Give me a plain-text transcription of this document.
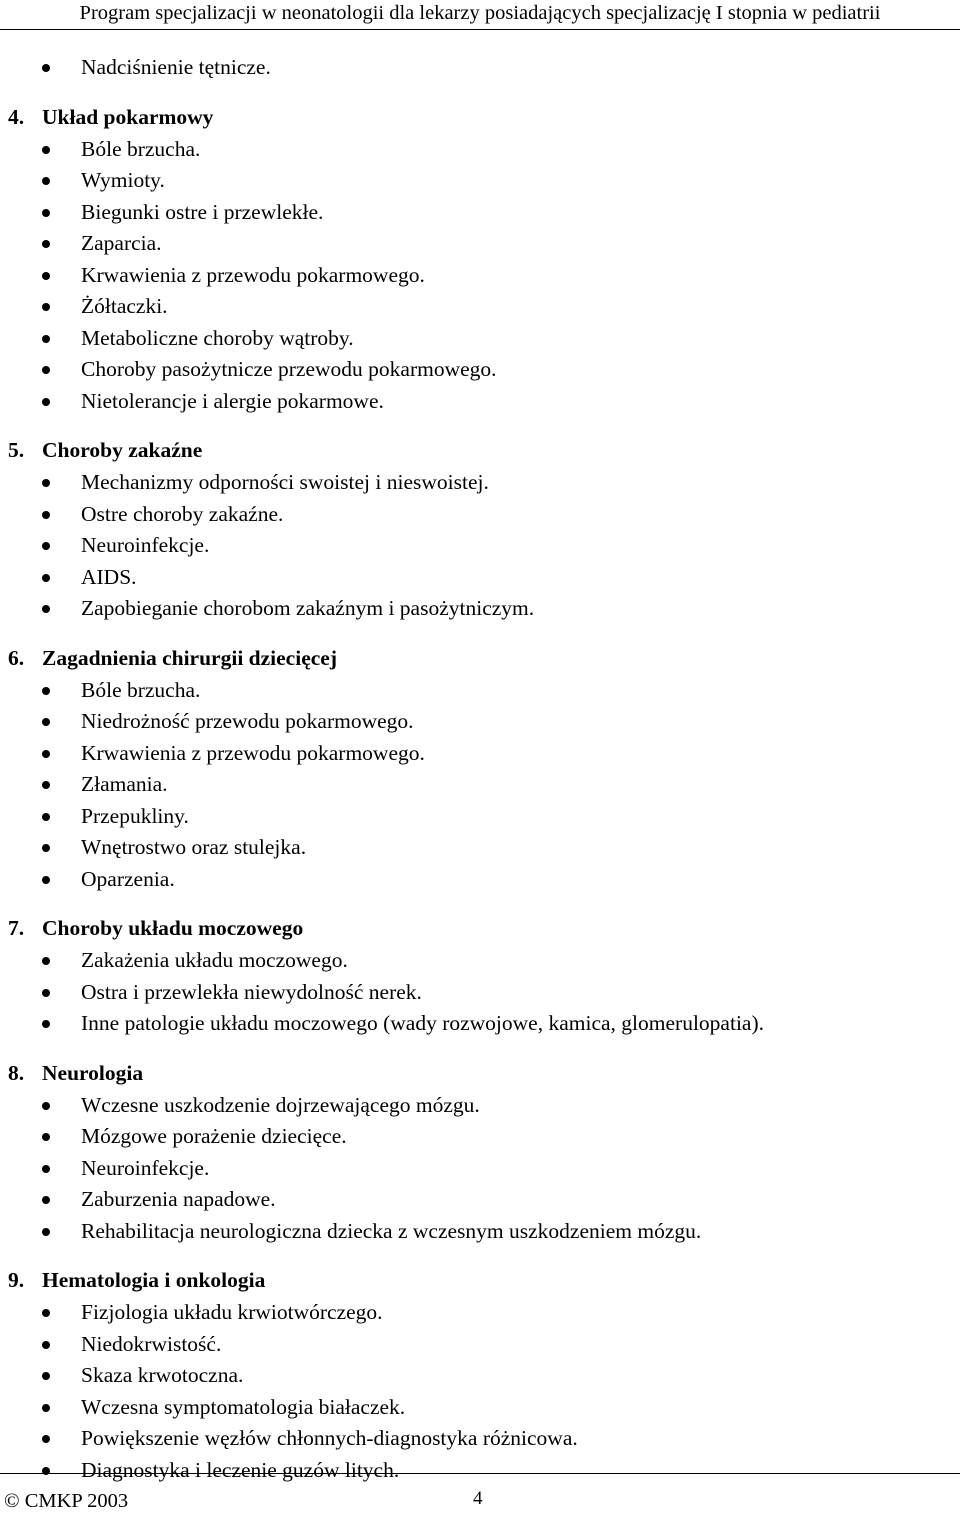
Program specjalizacji w neonatologii dla lekarzy posiadających specjalizację I stopnia w pediatrii
Nadciśnienie tętnicze.
4. Układ pokarmowy
Bóle brzucha.
Wymioty.
Biegunki ostre i przewlekłe.
Zaparcia.
Krwawienia z przewodu pokarmowego.
Żółtaczki.
Metaboliczne choroby wątroby.
Choroby pasożytnicze przewodu pokarmowego.
Nietolerancje i alergie pokarmowe.
5. Choroby zakaźne
Mechanizmy odporności swoistej i nieswoistej.
Ostre choroby zakaźne.
Neuroinfekcje.
AIDS.
Zapobieganie chorobom zakaźnym i pasożytniczym.
6. Zagadnienia chirurgii dziecięcej
Bóle brzucha.
Niedrożność przewodu pokarmowego.
Krwawienia z przewodu pokarmowego.
Złamania.
Przepukliny.
Wnętrostwo oraz stulejka.
Oparzenia.
7. Choroby układu moczowego
Zakażenia układu moczowego.
Ostra i przewlekła niewydolność nerek.
Inne patologie układu moczowego (wady rozwojowe, kamica, glomerulopatia).
8. Neurologia
Wczesne uszkodzenie dojrzewającego mózgu.
Mózgowe porażenie dziecięce.
Neuroinfekcje.
Zaburzenia napadowe.
Rehabilitacja neurologiczna dziecka z wczesnym uszkodzeniem mózgu.
9. Hematologia i onkologia
Fizjologia układu krwiotwórczego.
Niedokrwistość.
Skaza krwotoczna.
Wczesna symptomatologia białaczek.
Powiększenie węzłów chłonnych-diagnostyka różnicowa.
Diagnostyka i leczenie guzów litych.
© CMKP 2003	4
